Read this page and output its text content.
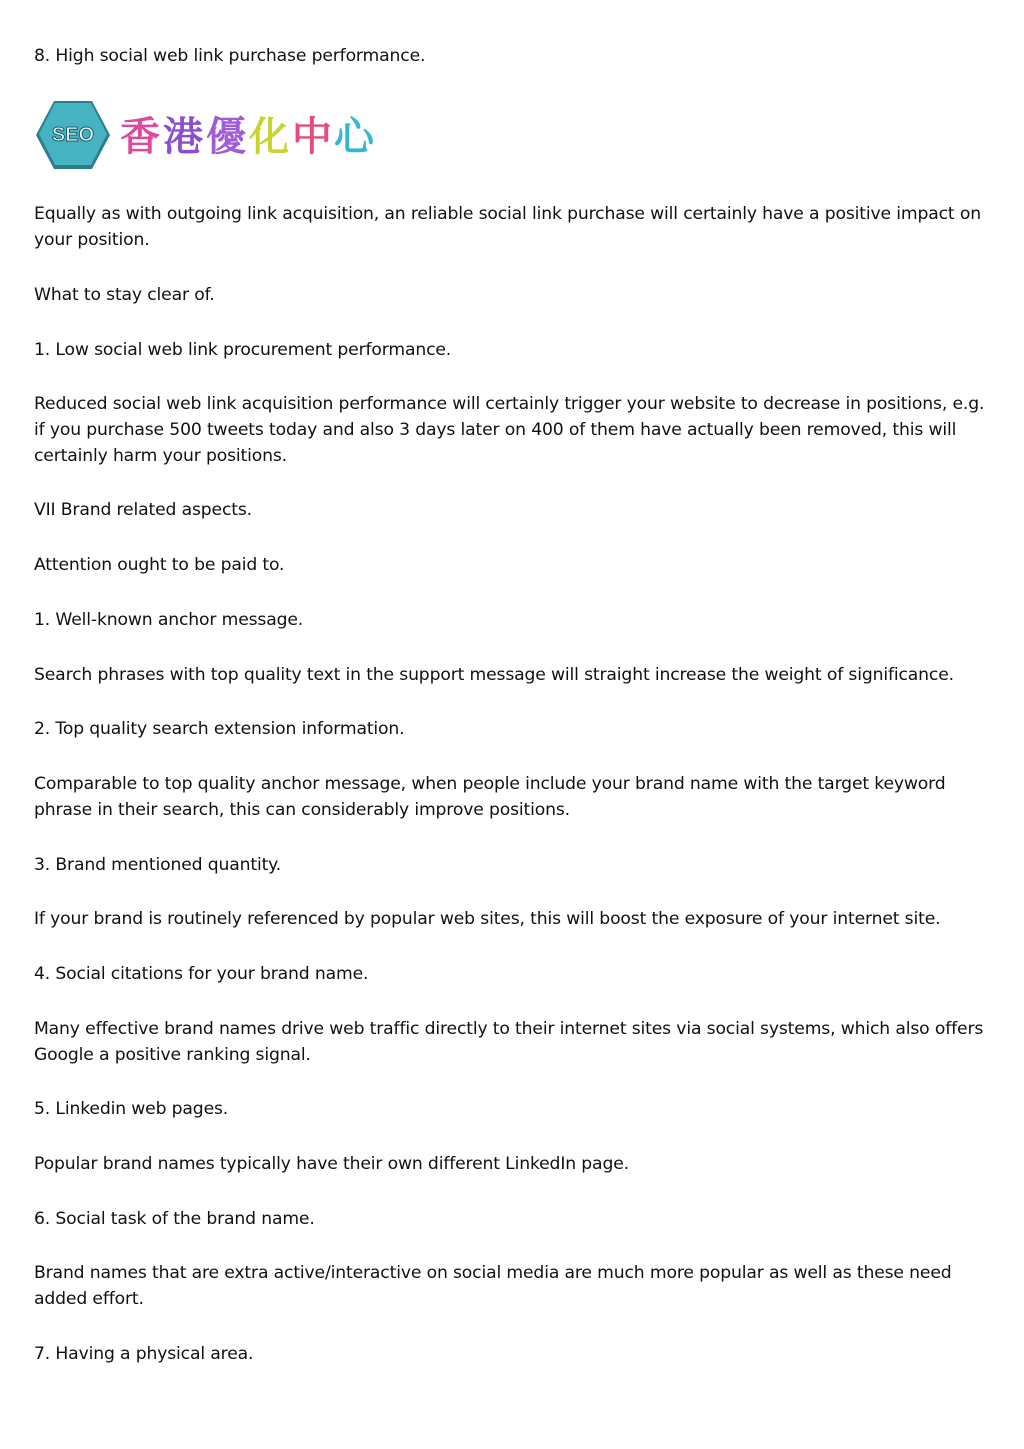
8. High social web link purchase performance.

SEO 香 港 優 化 中 心

Equally as with outgoing link acquisition, an reliable social link purchase will certainly have a positive impact on your position.

What to stay clear of.

1. Low social web link procurement performance.

Reduced social web link acquisition performance will certainly trigger your website to decrease in positions, e.g. if you purchase 500 tweets today and also 3 days later on 400 of them have actually been removed, this will certainly harm your positions.

VII Brand related aspects.

Attention ought to be paid to.

1. Well-known anchor message.

Search phrases with top quality text in the support message will straight increase the weight of significance.

2. Top quality search extension information.

Comparable to top quality anchor message, when people include your brand name with the target keyword phrase in their search, this can considerably improve positions.

3. Brand mentioned quantity.

If your brand is routinely referenced by popular web sites, this will boost the exposure of your internet site.

4. Social citations for your brand name.

Many effective brand names drive web traffic directly to their internet sites via social systems, which also offers Google a positive ranking signal.

5. Linkedin web pages.

Popular brand names typically have their own different LinkedIn page.

6. Social task of the brand name.

Brand names that are extra active/interactive on social media are much more popular as well as these need added effort.

7. Having a physical area.
